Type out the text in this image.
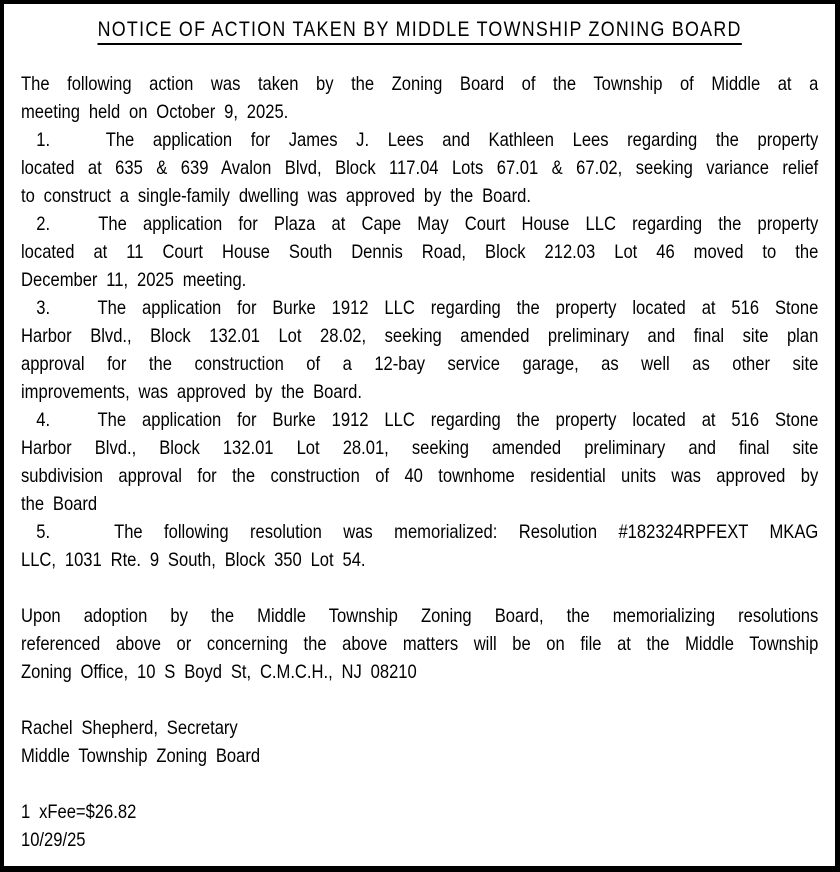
NOTICE OF ACTION TAKEN BY MIDDLE TOWNSHIP ZONING BOARD
The following action was taken by the Zoning Board of the Township of Middle at a
meeting held on October 9, 2025.
1.   The application for James J. Lees and Kathleen Lees regarding the property
located at 635 & 639 Avalon Blvd, Block 117.04 Lots 67.01 & 67.02, seeking variance relief
to construct a single-family dwelling was approved by the Board.
2.   The application for Plaza at Cape May Court House LLC regarding the property
located at 11 Court House South Dennis Road, Block 212.03 Lot 46 moved to the
December 11, 2025 meeting.
3.   The application for Burke 1912 LLC regarding the property located at 516 Stone
Harbor Blvd., Block 132.01 Lot 28.02, seeking amended preliminary and final site plan
approval for the construction of a 12-bay service garage, as well as other site
improvements, was approved by the Board.
4.   The application for Burke 1912 LLC regarding the property located at 516 Stone
Harbor Blvd., Block 132.01 Lot 28.01, seeking amended preliminary and final site
subdivision approval for the construction of 40 townhome residential units was approved by
the Board
5.   The following resolution was memorialized: Resolution #182324RPFEXT MKAG
LLC, 1031 Rte. 9 South, Block 350 Lot 54.
Upon adoption by the Middle Township Zoning Board, the memorializing resolutions
referenced above or concerning the above matters will be on file at the Middle Township
Zoning Office, 10 S Boyd St, C.M.C.H., NJ 08210
Rachel Shepherd, Secretary
Middle Township Zoning Board
1 xFee=$26.82
10/29/25
